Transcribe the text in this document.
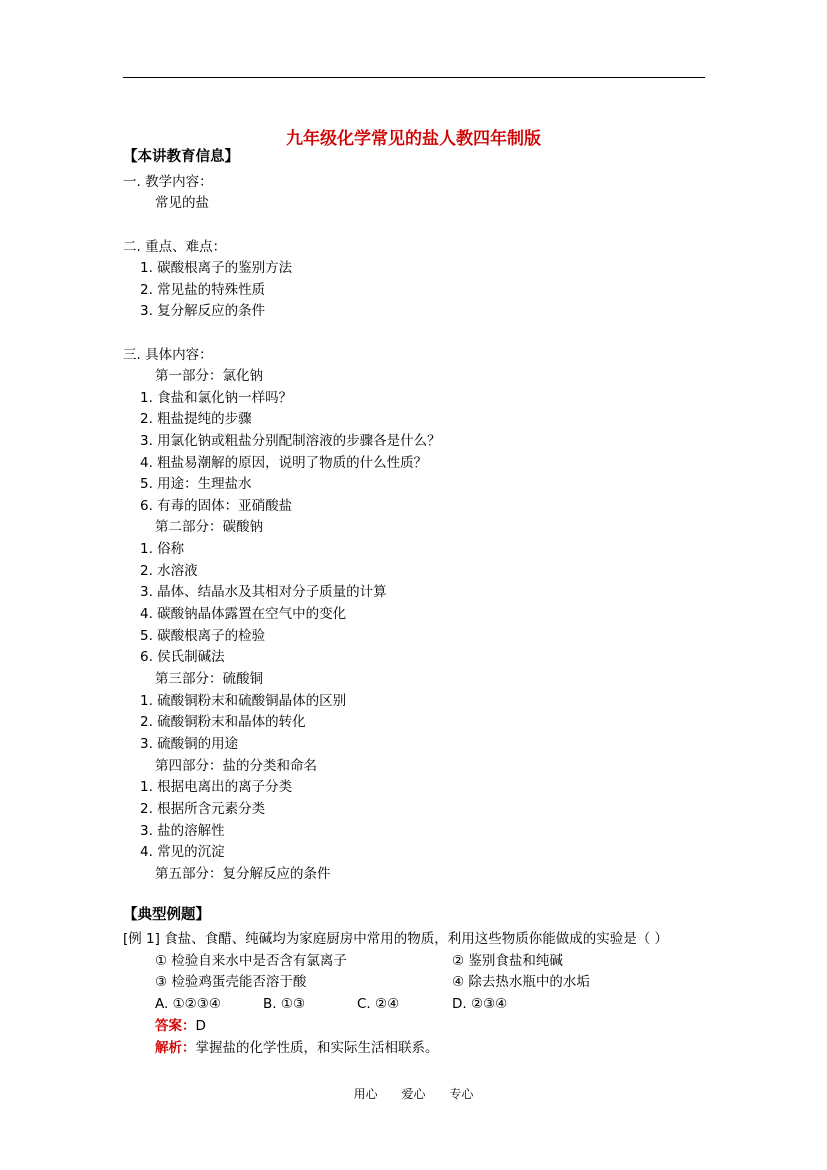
九年级化学常见的盐人教四年制版
【本讲教育信息】
一. 教学内容：
常见的盐
二. 重点、难点：
1. 碳酸根离子的鉴别方法
2. 常见盐的特殊性质
3. 复分解反应的条件
三. 具体内容：
第一部分：氯化钠
1. 食盐和氯化钠一样吗？
2. 粗盐提纯的步骤
3. 用氯化钠或粗盐分别配制溶液的步骤各是什么？
4. 粗盐易潮解的原因，说明了物质的什么性质？
5. 用途：生理盐水
6. 有毒的固体：亚硝酸盐
第二部分：碳酸钠
1. 俗称
2. 水溶液
3. 晶体、结晶水及其相对分子质量的计算
4. 碳酸钠晶体露置在空气中的变化
5. 碳酸根离子的检验
6. 侯氏制碱法
第三部分：硫酸铜
1. 硫酸铜粉末和硫酸铜晶体的区别
2. 硫酸铜粉末和晶体的转化
3. 硫酸铜的用途
第四部分：盐的分类和命名
1. 根据电离出的离子分类
2. 根据所含元素分类
3. 盐的溶解性
4. 常见的沉淀
第五部分：复分解反应的条件
【典型例题】
[例 1] 食盐、食醋、纯碱均为家庭厨房中常用的物质，利用这些物质你能做成的实验是（ ）
① 检验自来水中是否含有氯离子	② 鉴别食盐和纯碱
③ 检验鸡蛋壳能否溶于酸	④ 除去热水瓶中的水垢
A. ①②③④	B. ①③	C. ②④	D. ②③④
答案：D
解析：掌握盐的化学性质，和实际生活相联系。
用心 爱心 专心
